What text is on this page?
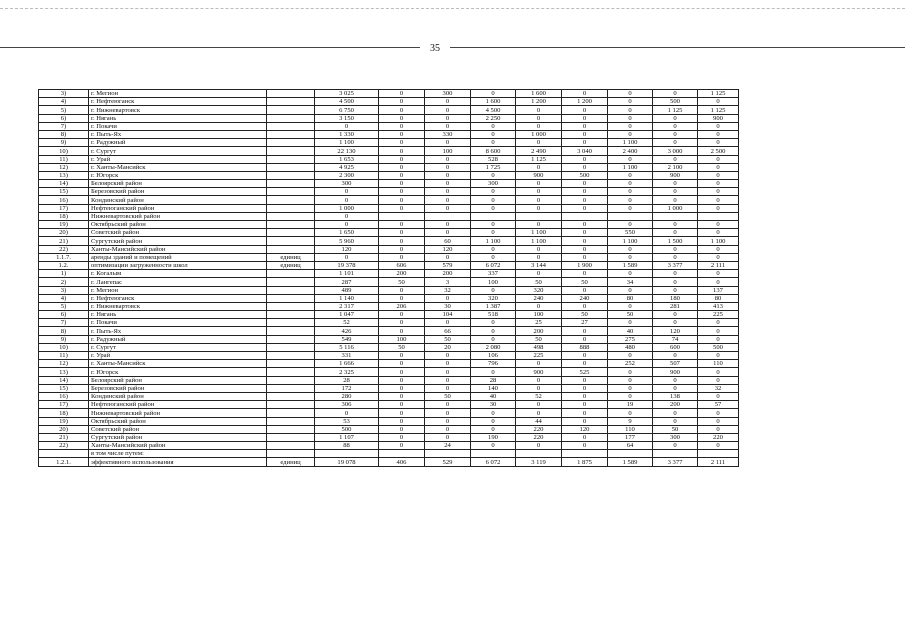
35
3)	г. Мегион		3 025	0	300	0	1 600	0	0	0	1 125
4)	г. Нефтеюганск		4 500	0	0	1 600	1 200	1 200	0	500	0
5)	г. Нижневартовск		6 750	0	0	4 500	0	0	0	1 125	1 125
6)	г. Нягань		3 150	0	0	2 250	0	0	0	0	900
7)	г. Покачи		0	0	0	0	0	0	0	0	0
8)	г. Пыть-Ях		1 330	0	330	0	1 000	0	0	0	0
9)	г. Радужный		1 100	0	0	0	0	0	1 100	0	0
10)	г. Сургут		22 130	0	100	8 600	2 490	3 040	2 400	3 000	2 500
11)	г. Урай		1 653	0	0	528	1 125	0	0	0	0
12)	г. Ханты-Мансийск		4 925	0	0	1 725	0	0	1 100	2 100	0
13)	г. Югорск		2 300	0	0	0	900	500	0	900	0
14)	Белоярский район		300	0	0	300	0	0	0	0	0
15)	Березовский район		0	0	0	0	0	0	0	0	0
16)	Кондинский район		0	0	0	0	0	0	0	0	0
17)	Нефтеюганский район		1 000	0	0	0	0	0	0	1 000	0
18)	Нижневартовский район		0								
19)	Октябрьский район		0	0	0	0	0	0	0	0	0
20)	Советский район		1 650	0	0	0	1 100	0	550	0	0
21)	Сургутский район		5 960	0	60	1 100	1 100	0	1 100	1 500	1 100
22)	Ханты-Мансийский район		120	0	120	0	0	0	0	0	0
1.1.7.	аренды зданий и помещений	единиц	0	0	0	0	0	0	0	0	0
1.2.	оптимизации загруженности школ	единиц	19 378	606	579	6 072	3 144	1 900	1 589	3 377	2 111
1)	г. Когалым		1 101	200	200	337	0	0	0	0	0
2)	г. Лангепас		287	50	3	100	50	50	34	0	0
3)	г. Мегион		489	0	32	0	320	0	0	0	137
4)	г. Нефтеюганск		1 140	0	0	320	240	240	80	180	80
5)	г. Нижневартовск		2 317	206	30	1 387	0	0	0	281	413
6)	г. Нягань		1 047	0	104	518	100	50	50	0	225
7)	г. Покачи		52	0	0	0	25	27	0	0	0
8)	г. Пыть-Ях		426	0	66	0	200	0	40	120	0
9)	г. Радужный		549	100	50	0	50	0	275	74	0
10)	г. Сургут		5 116	50	20	2 080	498	888	480	600	500
11)	г. Урай		331	0	0	106	225	0	0	0	0
12)	г. Ханты-Мансийск		1 666	0	0	796	0	0	252	507	110
13)	г. Югорск		2 325	0	0	0	900	525	0	900	0
14)	Белоярский район		28	0	0	28	0	0	0	0	0
15)	Березовский район		172	0	0	140	0	0	0	0	32
16)	Кондинский район		280	0	50	40	52	0	0	138	0
17)	Нефтеюганский район		306	0	0	30	0	0	19	200	57
18)	Нижневартовский район		0	0	0	0	0	0	0	0	0
19)	Октябрьский район		53	0	0	0	44	0	9	0	0
20)	Советский район		500	0	0	0	220	120	110	50	0
21)	Сургутский район		1 107	0	0	190	220	0	177	300	220
22)	Ханты-Мансийский район		88	0	24	0	0	0	64	0	0
	в том числе путем:										
1.2.1.	эффективного использования	единиц	19 078	406	529	6 072	3 119	1 875	1 589	3 377	2 111
